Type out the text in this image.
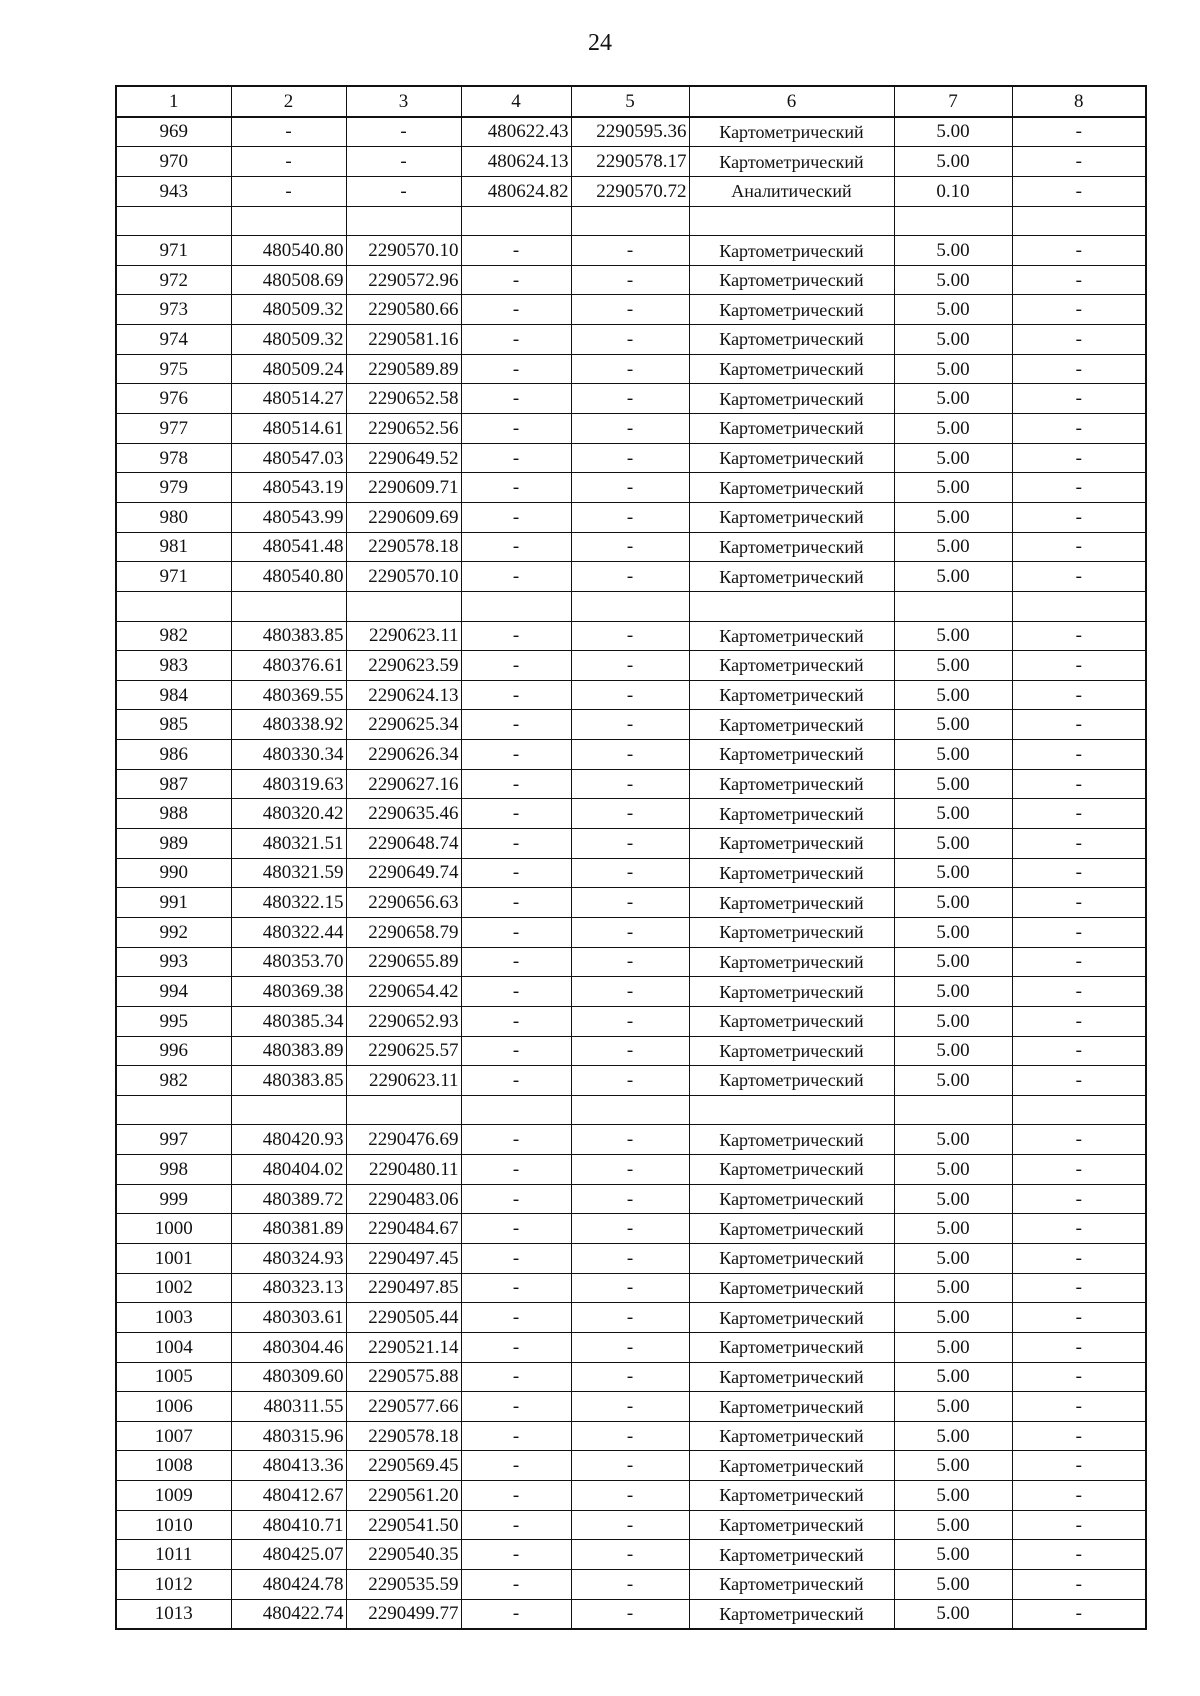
24
1	2	3	4	5	6	7	8
969	-	-	480622.43	2290595.36	Картометрический	5.00	-
970	-	-	480624.13	2290578.17	Картометрический	5.00	-
943	-	-	480624.82	2290570.72	Аналитический	0.10	-

971	480540.80	2290570.10	-	-	Картометрический	5.00	-
972	480508.69	2290572.96	-	-	Картометрический	5.00	-
973	480509.32	2290580.66	-	-	Картометрический	5.00	-
974	480509.32	2290581.16	-	-	Картометрический	5.00	-
975	480509.24	2290589.89	-	-	Картометрический	5.00	-
976	480514.27	2290652.58	-	-	Картометрический	5.00	-
977	480514.61	2290652.56	-	-	Картометрический	5.00	-
978	480547.03	2290649.52	-	-	Картометрический	5.00	-
979	480543.19	2290609.71	-	-	Картометрический	5.00	-
980	480543.99	2290609.69	-	-	Картометрический	5.00	-
981	480541.48	2290578.18	-	-	Картометрический	5.00	-
971	480540.80	2290570.10	-	-	Картометрический	5.00	-

982	480383.85	2290623.11	-	-	Картометрический	5.00	-
983	480376.61	2290623.59	-	-	Картометрический	5.00	-
984	480369.55	2290624.13	-	-	Картометрический	5.00	-
985	480338.92	2290625.34	-	-	Картометрический	5.00	-
986	480330.34	2290626.34	-	-	Картометрический	5.00	-
987	480319.63	2290627.16	-	-	Картометрический	5.00	-
988	480320.42	2290635.46	-	-	Картометрический	5.00	-
989	480321.51	2290648.74	-	-	Картометрический	5.00	-
990	480321.59	2290649.74	-	-	Картометрический	5.00	-
991	480322.15	2290656.63	-	-	Картометрический	5.00	-
992	480322.44	2290658.79	-	-	Картометрический	5.00	-
993	480353.70	2290655.89	-	-	Картометрический	5.00	-
994	480369.38	2290654.42	-	-	Картометрический	5.00	-
995	480385.34	2290652.93	-	-	Картометрический	5.00	-
996	480383.89	2290625.57	-	-	Картометрический	5.00	-
982	480383.85	2290623.11	-	-	Картометрический	5.00	-

997	480420.93	2290476.69	-	-	Картометрический	5.00	-
998	480404.02	2290480.11	-	-	Картометрический	5.00	-
999	480389.72	2290483.06	-	-	Картометрический	5.00	-
1000	480381.89	2290484.67	-	-	Картометрический	5.00	-
1001	480324.93	2290497.45	-	-	Картометрический	5.00	-
1002	480323.13	2290497.85	-	-	Картометрический	5.00	-
1003	480303.61	2290505.44	-	-	Картометрический	5.00	-
1004	480304.46	2290521.14	-	-	Картометрический	5.00	-
1005	480309.60	2290575.88	-	-	Картометрический	5.00	-
1006	480311.55	2290577.66	-	-	Картометрический	5.00	-
1007	480315.96	2290578.18	-	-	Картометрический	5.00	-
1008	480413.36	2290569.45	-	-	Картометрический	5.00	-
1009	480412.67	2290561.20	-	-	Картометрический	5.00	-
1010	480410.71	2290541.50	-	-	Картометрический	5.00	-
1011	480425.07	2290540.35	-	-	Картометрический	5.00	-
1012	480424.78	2290535.59	-	-	Картометрический	5.00	-
1013	480422.74	2290499.77	-	-	Картометрический	5.00	-
